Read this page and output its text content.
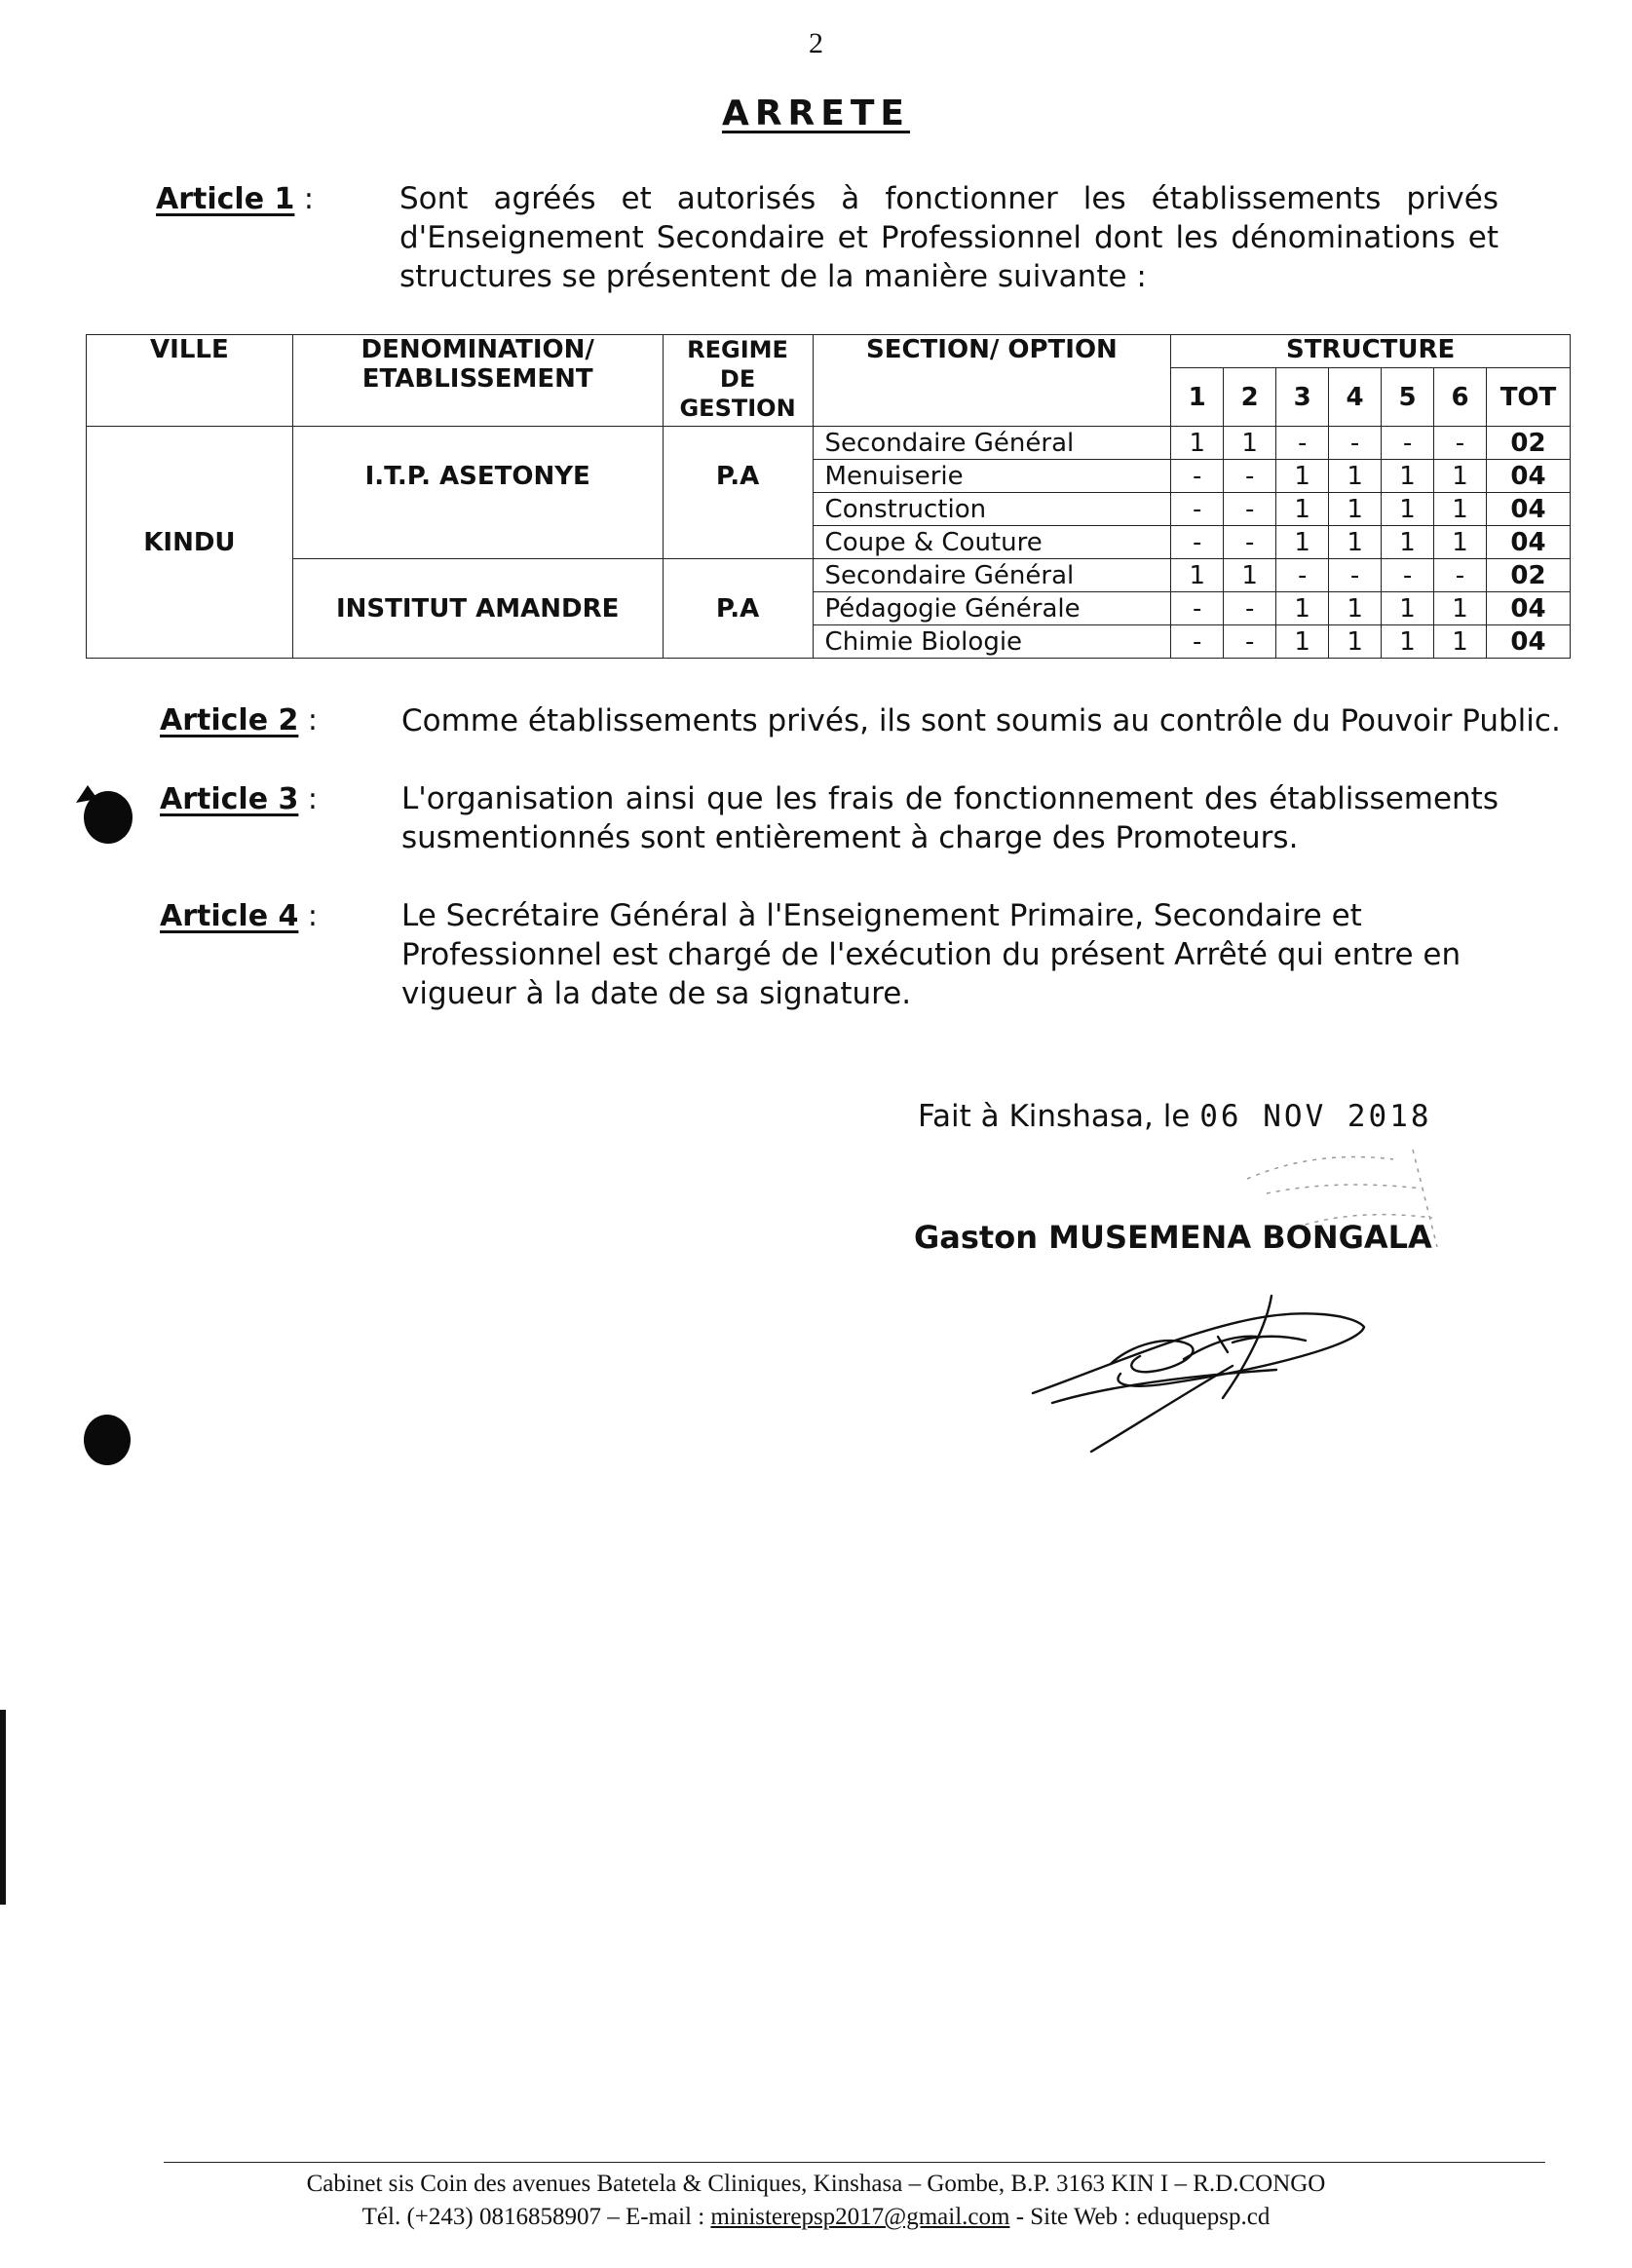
2
ARRETE
Article 1 :	Sont agréés et autorisés à fonctionner les établissements privés d'Enseignement Secondaire et Professionnel dont les dénominations et structures se présentent de la manière suivante :
VILLE	DENOMINATION/ ETABLISSEMENT	REGIME DE GESTION	SECTION/ OPTION	STRUCTURE						
				1	2	3	4	5	6	TOT
KINDU	I.T.P. ASETONYE	P.A	Secondaire Général	1	1	-	-	-	-	02
			Menuiserie	-	-	1	1	1	1	04
			Construction	-	-	1	1	1	1	04
			Coupe & Couture	-	-	1	1	1	1	04
	INSTITUT AMANDRE	P.A	Secondaire Général	1	1	-	-	-	-	02
			Pédagogie Générale	-	-	1	1	1	1	04
			Chimie Biologie	-	-	1	1	1	1	04
Article 2 :	Comme établissements privés, ils sont soumis au contrôle du Pouvoir Public.
Article 3 :	L'organisation ainsi que les frais de fonctionnement des établissements susmentionnés sont entièrement à charge des Promoteurs.
Article 4 :	Le Secrétaire Général à l'Enseignement Primaire, Secondaire et Professionnel est chargé de l'exécution du présent Arrêté qui entre en vigueur à la date de sa signature.
Fait à Kinshasa, le 06 NOV 2018
Gaston MUSEMENA BONGALA
Cabinet sis Coin des avenues Batetela & Cliniques, Kinshasa – Gombe, B.P. 3163 KIN I – R.D.CONGO
Tél. (+243) 0816858907 – E-mail : ministerepsp2017@gmail.com - Site Web : eduquepsp.cd
